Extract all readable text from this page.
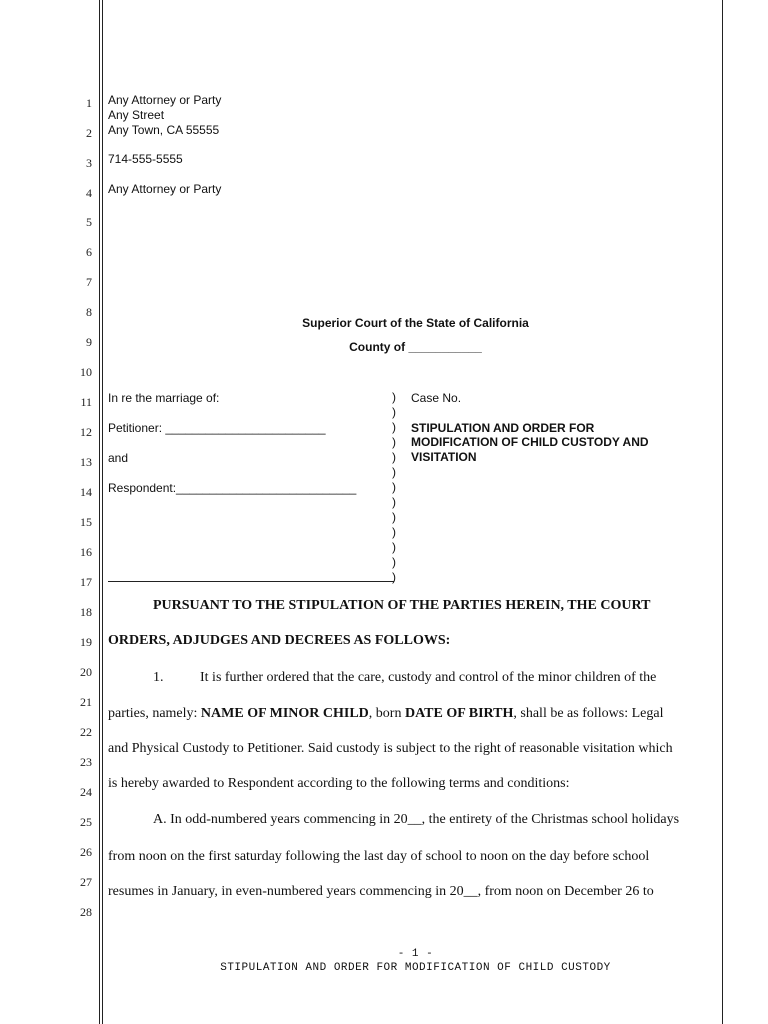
1
2
3
4
5
6
7
8
9
10
11
12
13
14
15
16
17
18
19
20
21
22
23
24
25
26
27
28
Any Attorney or Party
Any Street
Any Town, CA 55555
714-555-5555
Any Attorney or Party
Superior Court of the State of California
County of ___________
In re the marriage of:
Petitioner: ________________________
and
Respondent:___________________________
)
)
)
)
)
)
)
)
)
)
)
)
)
Case No.
STIPULATION AND ORDER FOR
MODIFICATION OF CHILD CUSTODY AND
VISITATION
PURSUANT TO THE STIPULATION OF THE PARTIES HEREIN, THE COURT
ORDERS, ADJUDGES AND DECREES AS FOLLOWS:
1.	It is further ordered that the care, custody and control of the minor children of the
parties, namely: NAME OF MINOR CHILD, born DATE OF BIRTH, shall be as follows: Legal
and Physical Custody to Petitioner. Said custody is subject to the right of reasonable visitation which
is hereby awarded to Respondent according to the following terms and conditions:
A. In odd-numbered years commencing in 20__, the entirety of the Christmas school holidays
from noon on the first saturday following the last day of school to noon on the day before school
resumes in January, in even-numbered years commencing in 20__, from noon on December 26 to
- 1 -
STIPULATION AND ORDER FOR MODIFICATION OF CHILD CUSTODY
